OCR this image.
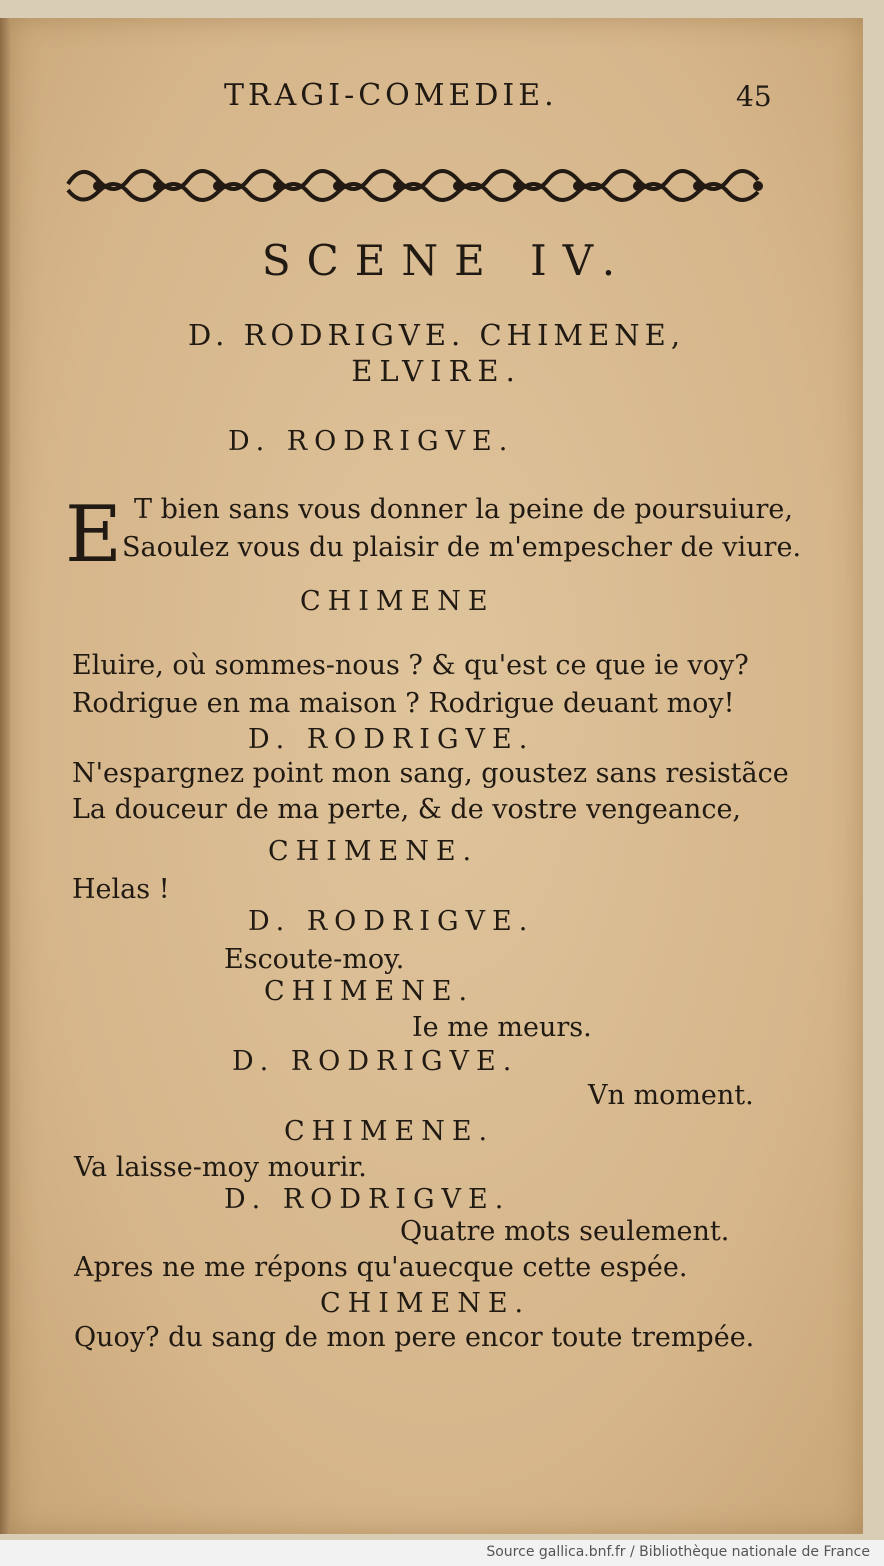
TRAGI-COMEDIE.	45
SCENE IV.
D. RODRIGVE. CHIMENE,
ELVIRE.
D. RODRIGVE.
E T bien sans vous donner la peine de poursuiure,
Saoulez vous du plaisir de m'empescher de viure.
CHIMENE
Eluire, où sommes-nous ? & qu'est ce que ie voy?
Rodrigue en ma maison ? Rodrigue deuant moy!
D. RODRIGVE.
N'espargnez point mon sang, goustez sans resistãce
La douceur de ma perte, & de vostre vengeance,
CHIMENE.
Helas !
D. RODRIGVE.
Escoute-moy.
CHIMENE.
Ie me meurs.
D. RODRIGVE.
Vn moment.
CHIMENE.
Va laisse-moy mourir.
D. RODRIGVE.
Quatre mots seulement.
Apres ne me répons qu'auecque cette espée.
CHIMENE.
Quoy? du sang de mon pere encor toute trempée.
Source gallica.bnf.fr / Bibliothèque nationale de France
